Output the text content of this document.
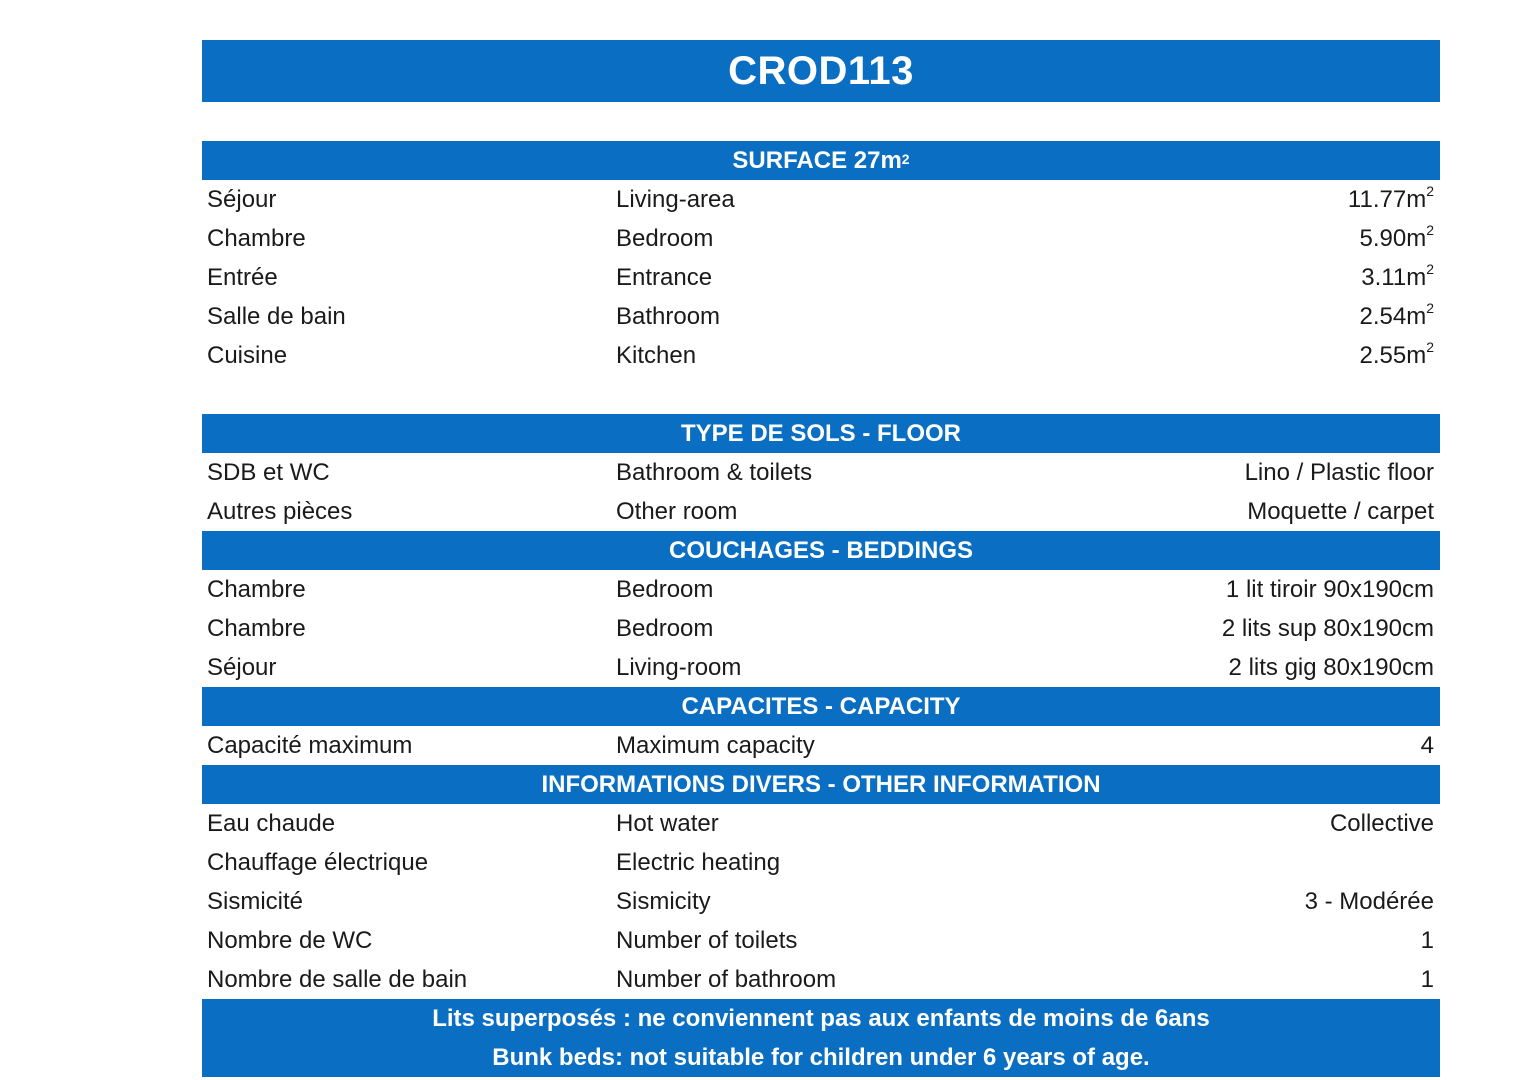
CROD113
SURFACE $27m^2$
Séjour	Living-area	$11.77m^2$
Chambre	Bedroom	$5.90m^2$
Entrée	Entrance	$3.11m^2$
Salle de bain	Bathroom	$2.54m^2$
Cuisine	Kitchen	$2.55m^2$
TYPE DE SOLS - FLOOR
SDB et WC	Bathroom & toilets	Lino / Plastic floor
Autres pièces	Other room	Moquette / carpet
COUCHAGES - BEDDINGS
Chambre	Bedroom	1 lit tiroir 90x190cm
Chambre	Bedroom	2 lits sup 80x190cm
Séjour	Living-room	2 lits gig 80x190cm
CAPACITES - CAPACITY
Capacité maximum	Maximum capacity	4
INFORMATIONS DIVERS - OTHER INFORMATION
Eau chaude	Hot water	Collective
Chauffage électrique	Electric heating
Sismicité	Sismicity	3 - Modérée
Nombre de WC	Number of toilets	1
Nombre de salle de bain	Number of bathroom	1
Lits superposés : ne conviennent pas aux enfants de moins de 6ans
Bunk beds: not suitable for children under 6 years of age.
